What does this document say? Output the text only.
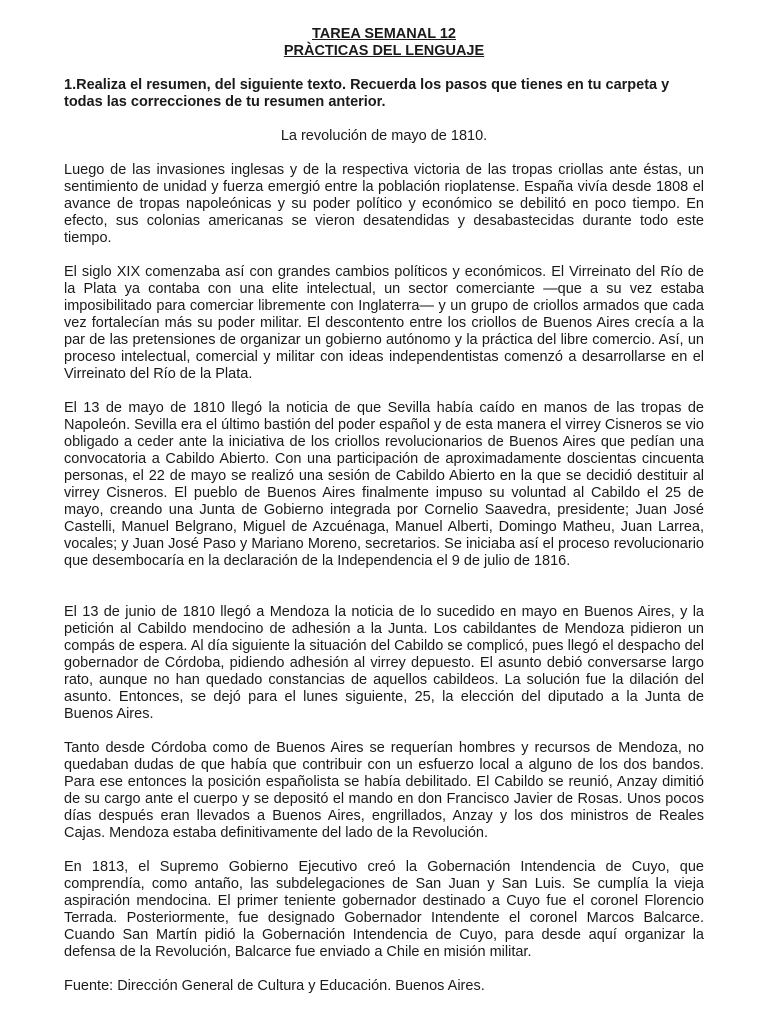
TAREA SEMANAL 12

PRÀCTICAS DEL LENGUAJE

1.Realiza el resumen, del siguiente texto. Recuerda los pasos que tienes en tu carpeta y todas las correcciones de tu resumen anterior.

La revolución de mayo de 1810.

Luego de las invasiones inglesas y de la respectiva victoria de las tropas criollas ante éstas, un sentimiento de unidad y fuerza emergió entre la población rioplatense. España vivía desde 1808 el avance de tropas napoleónicas y su poder político y económico se debilitó en poco tiempo. En efecto, sus colonias americanas se vieron desatendidas y desabastecidas durante todo este tiempo.

El siglo XIX comenzaba así con grandes cambios políticos y económicos. El Virreinato del Río de la Plata ya contaba con una elite intelectual, un sector comerciante —que a su vez estaba imposibilitado para comerciar libremente con Inglaterra— y un grupo de criollos armados que cada vez fortalecían más su poder militar. El descontento entre los criollos de Buenos Aires crecía a la par de las pretensiones de organizar un gobierno autónomo y la práctica del libre comercio. Así, un proceso intelectual, comercial y militar con ideas independentistas comenzó a desarrollarse en el Virreinato del Río de la Plata.

El 13 de mayo de 1810 llegó la noticia de que Sevilla había caído en manos de las tropas de Napoleón. Sevilla era el último bastión del poder español y de esta manera el virrey Cisneros se vio obligado a ceder ante la iniciativa de los criollos revolucionarios de Buenos Aires que pedían una convocatoria a Cabildo Abierto. Con una participación de aproximadamente doscientas cincuenta personas, el 22 de mayo se realizó una sesión de Cabildo Abierto en la que se decidió destituir al virrey Cisneros. El pueblo de Buenos Aires finalmente impuso su voluntad al Cabildo el 25 de mayo, creando una Junta de Gobierno integrada por Cornelio Saavedra, presidente; Juan José Castelli, Manuel Belgrano, Miguel de Azcuénaga, Manuel Alberti, Domingo Matheu, Juan Larrea, vocales; y Juan José Paso y Mariano Moreno, secretarios. Se iniciaba así el proceso revolucionario que desembocaría en la declaración de la Independencia el 9 de julio de 1816.

El 13 de junio de 1810 llegó a Mendoza la noticia de lo sucedido en mayo en Buenos Aires, y la petición al Cabildo mendocino de adhesión a la Junta. Los cabildantes de Mendoza pidieron un compás de espera. Al día siguiente la situación del Cabildo se complicó, pues llegó el despacho del gobernador de Córdoba, pidiendo adhesión al virrey depuesto. El asunto debió conversarse largo rato, aunque no han quedado constancias de aquellos cabildeos. La solución fue la dilación del asunto. Entonces, se dejó para el lunes siguiente, 25, la elección del diputado a la Junta de Buenos Aires.

Tanto desde Córdoba como de Buenos Aires se requerían hombres y recursos de Mendoza, no quedaban dudas de que había que contribuir con un esfuerzo local a alguno de los dos bandos. Para ese entonces la posición españolista se había debilitado. El Cabildo se reunió, Anzay dimitió de su cargo ante el cuerpo y se depositó el mando en don Francisco Javier de Rosas. Unos pocos días después eran llevados a Buenos Aires, engrillados, Anzay y los dos ministros de Reales Cajas. Mendoza estaba definitivamente del lado de la Revolución.

En 1813, el Supremo Gobierno Ejecutivo creó la Gobernación Intendencia de Cuyo, que comprendía, como antaño, las subdelegaciones de San Juan y San Luis. Se cumplía la vieja aspiración mendocina. El primer teniente gobernador destinado a Cuyo fue el coronel Florencio Terrada. Posteriormente, fue designado Gobernador Intendente el coronel Marcos Balcarce. Cuando San Martín pidió la Gobernación Intendencia de Cuyo, para desde aquí organizar la defensa de la Revolución, Balcarce fue enviado a Chile en misión militar.

Fuente: Dirección General de Cultura y Educación. Buenos Aires.
